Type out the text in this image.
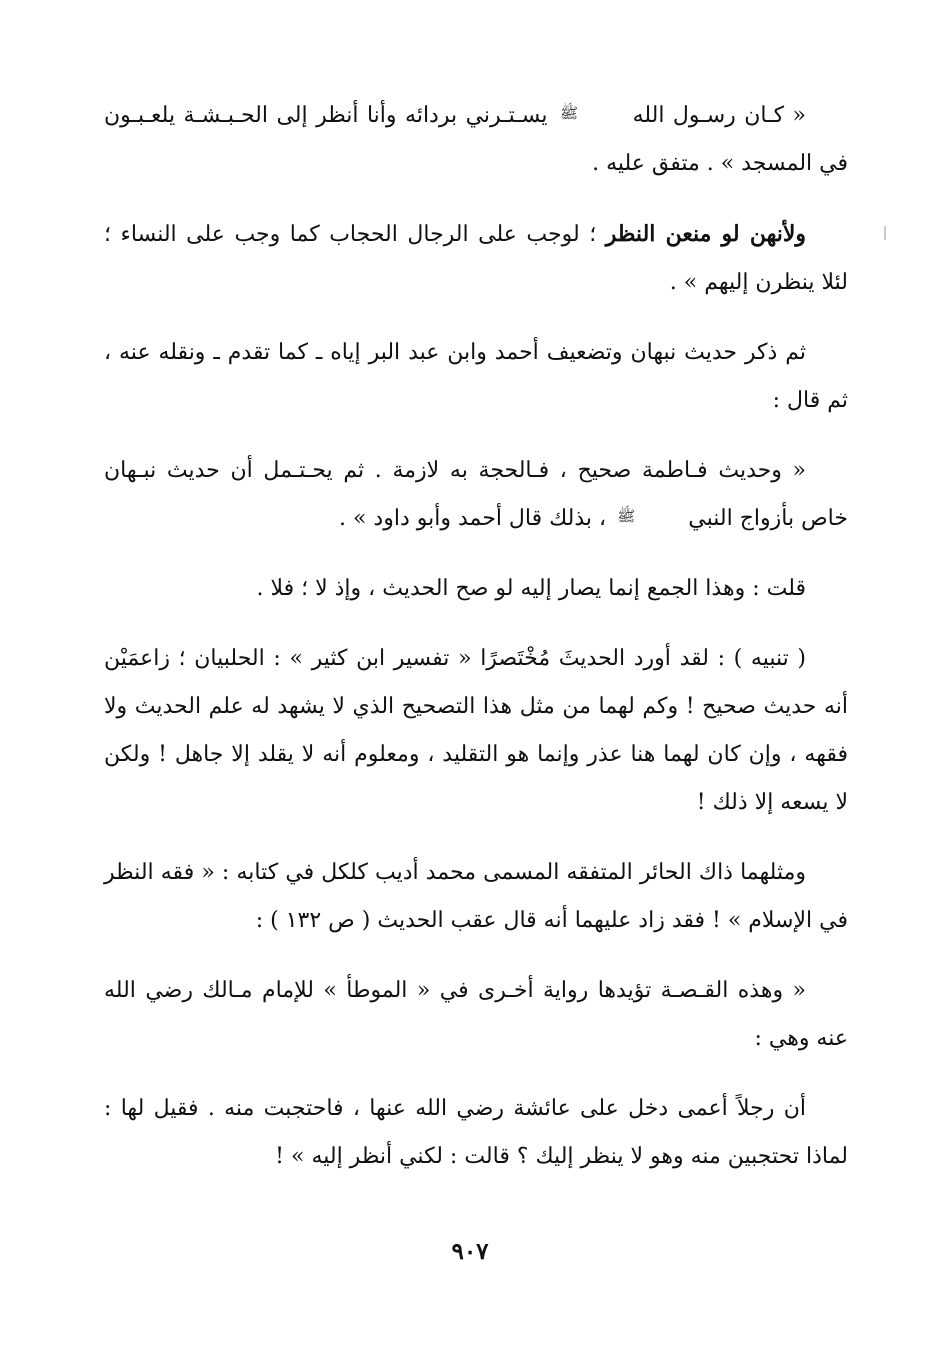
« كـان رسـول الله ﷺ يسـتـرني بردائه وأنا أنظر إلى الحـبـشـة يلعـبـون في المسجد » . متفق عليه .

ولأنهن لو منعن النظر ؛ لوجب على الرجال الحجاب كما وجب على النساء ؛ لئلا ينظرن إليهم » .

ثم ذكر حديث نبهان وتضعيف أحمد وابن عبد البر إياه ـ كما تقدم ـ ونقله عنه ، ثم قال :

« وحديث فـاطمة صحيح ، فـالحجة به لازمة . ثم يحـتـمل أن حديث نبـهان خاص بأزواج النبي ﷺ ، بذلك قال أحمد وأبو داود » .

قلت : وهذا الجمع إنما يصار إليه لو صح الحديث ، وإذ لا ؛ فلا .

( تنبيه ) : لقد أورد الحديثَ مُخْتَصرًا « تفسير ابن كثير » : الحلبيان ؛ زاعمَيْن أنه حديث صحيح ! وكم لهما من مثل هذا التصحيح الذي لا يشهد له علم الحديث ولا فقهه ، وإن كان لهما هنا عذر وإنما هو التقليد ، ومعلوم أنه لا يقلد إلا جاهل ! ولكن لا يسعه إلا ذلك !

ومثلهما ذاك الحائر المتفقه المسمى محمد أديب كلكل في كتابه : « فقه النظر في الإسلام » ! فقد زاد عليهما أنه قال عقب الحديث ( ص ١٣٢ ) :

« وهذه القـصـة تؤيدها رواية أخـرى في « الموطأ » للإمام مـالك رضي الله عنه وهي :

أن رجلاً أعمى دخل على عائشة رضي الله عنها ، فاحتجبت منه . فقيل لها : لماذا تحتجبين منه وهو لا ينظر إليك ؟ قالت : لكني أنظر إليه » !

٩٠٧
